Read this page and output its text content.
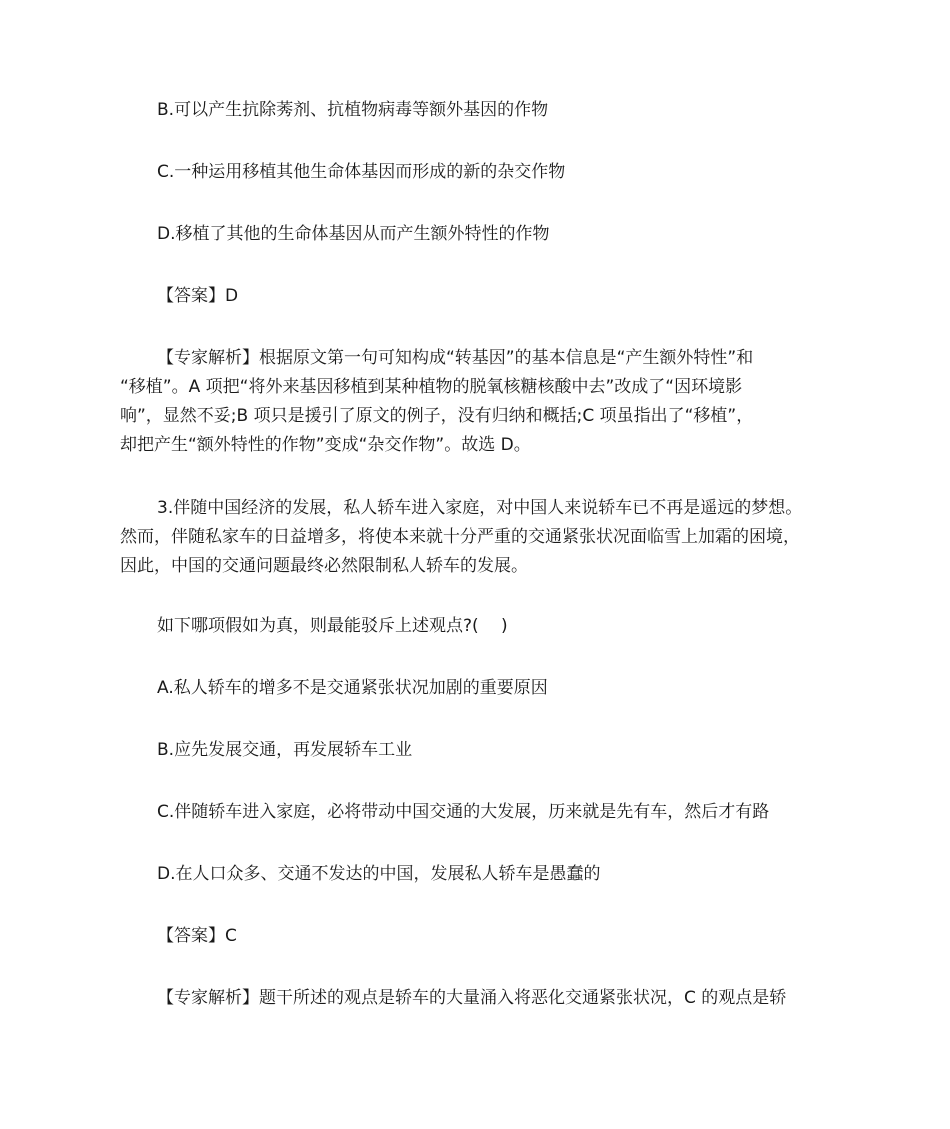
B.可以产生抗除莠剂、抗植物病毒等额外基因的作物

C.一种运用移植其他生命体基因而形成的新的杂交作物

D.移植了其他的生命体基因从而产生额外特性的作物

【答案】D

【专家解析】根据原文第一句可知构成“转基因”的基本信息是“产生额外特性”和
“移植”。A 项把“将外来基因移植到某种植物的脱氧核糖核酸中去”改成了“因环境影
响”，显然不妥;B 项只是援引了原文的例子，没有归纳和概括;C 项虽指出了“移植”，
却把产生“额外特性的作物”变成“杂交作物”。故选 D。
3.伴随中国经济的发展，私人轿车进入家庭，对中国人来说轿车已不再是遥远的梦想。
然而，伴随私家车的日益增多，将使本来就十分严重的交通紧张状况面临雪上加霜的困境，
因此，中国的交通问题最终必然限制私人轿车的发展。

如下哪项假如为真，则最能驳斥上述观点?(　 )

A.私人轿车的增多不是交通紧张状况加剧的重要原因

B.应先发展交通，再发展轿车工业

C.伴随轿车进入家庭，必将带动中国交通的大发展，历来就是先有车，然后才有路

D.在人口众多、交通不发达的中国，发展私人轿车是愚蠢的

【答案】C

【专家解析】题干所述的观点是轿车的大量涌入将恶化交通紧张状况，C 的观点是轿
